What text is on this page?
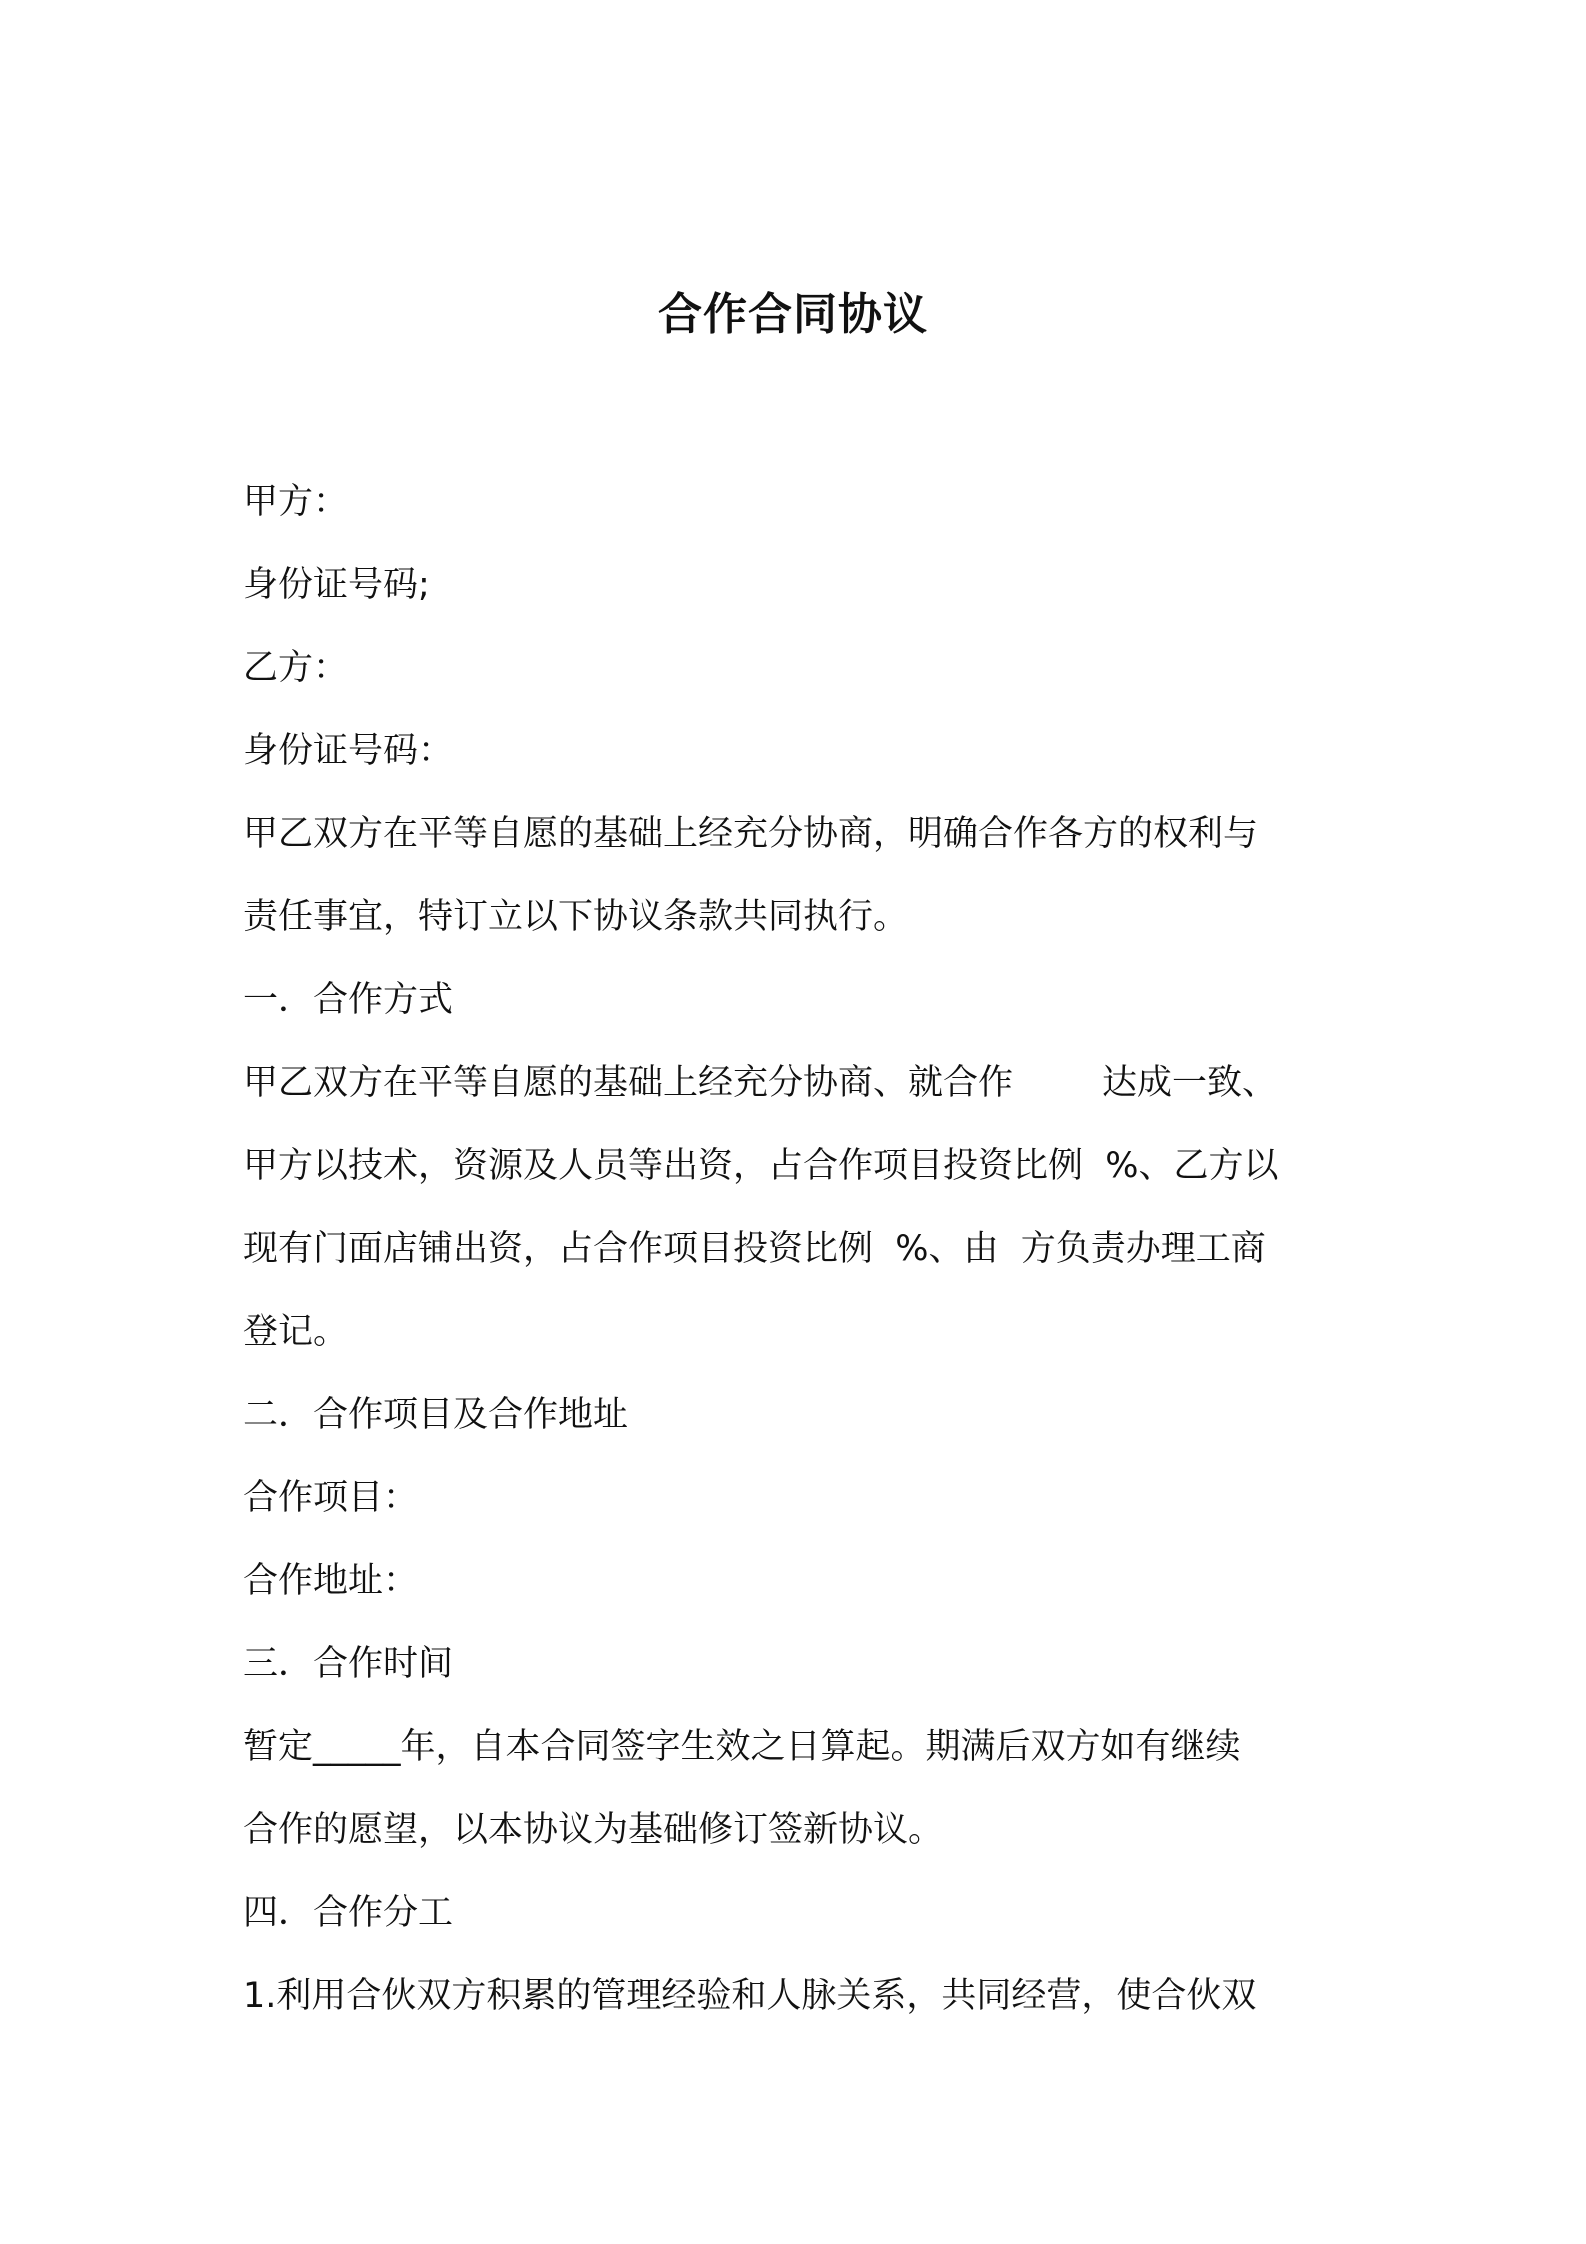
合作合同协议

甲方：

身份证号码;

乙方：

身份证号码：

甲乙双方在平等自愿的基础上经充分协商，明确合作各方的权利与

责任事宜，特订立以下协议条款共同执行。

一．合作方式

甲乙双方在平等自愿的基础上经充分协商、就合作        达成一致、

甲方以技术，资源及人员等出资，占合作项目投资比例  %、乙方以

现有门面店铺出资，占合作项目投资比例  %、由  方负责办理工商

登记。

二．合作项目及合作地址

合作项目：

合作地址：

三．合作时间

暂定_____年，自本合同签字生效之日算起。期满后双方如有继续

合作的愿望，以本协议为基础修订签新协议。

四．合作分工

1.利用合伙双方积累的管理经验和人脉关系，共同经营，使合伙双
